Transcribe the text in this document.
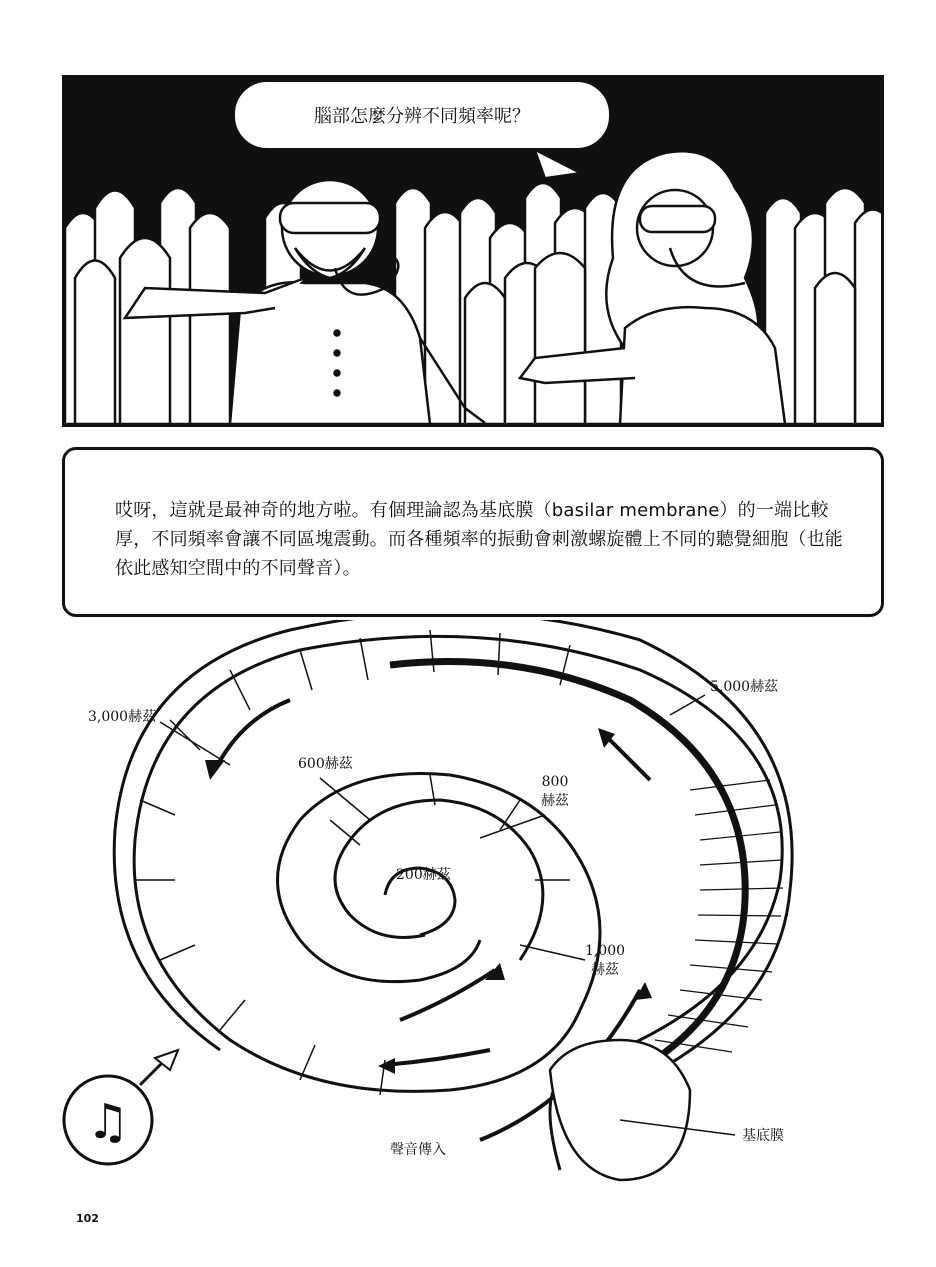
腦部怎麼分辨不同頻率呢？
哎呀，這就是最神奇的地方啦。有個理論認為基底膜（basilar membrane）的一端比較厚，不同頻率會讓不同區塊震動。而各種頻率的振動會刺激螺旋體上不同的聽覺細胞（也能依此感知空間中的不同聲音）。
♫
3,000赫茲
5,000赫茲
600赫茲
800
赫茲
200赫茲
1,000
赫茲
聲音傳入
基底膜
102
